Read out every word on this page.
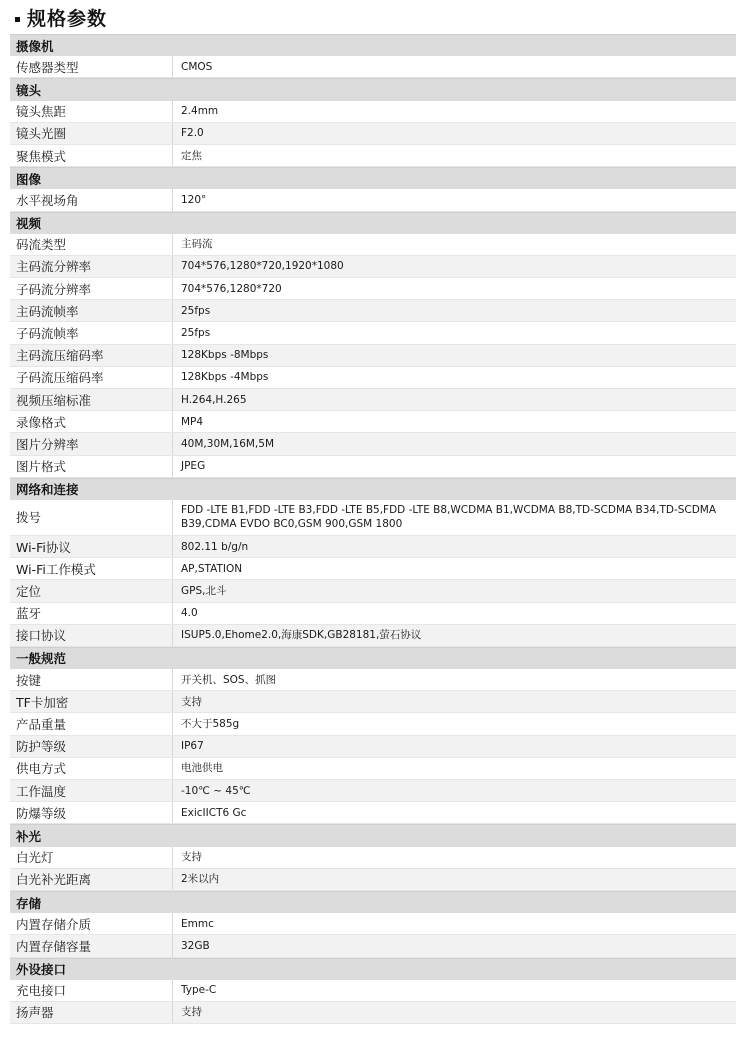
规格参数
摄像机
传感器类型	CMOS
镜头
镜头焦距	2.4mm
镜头光圈	F2.0
聚焦模式	定焦
图像
水平视场角	120°
视频
码流类型	主码流
主码流分辨率	704*576,1280*720,1920*1080
子码流分辨率	704*576,1280*720
主码流帧率	25fps
子码流帧率	25fps
主码流压缩码率	128Kbps -8Mbps
子码流压缩码率	128Kbps -4Mbps
视频压缩标准	H.264,H.265
录像格式	MP4
图片分辨率	40M,30M,16M,5M
图片格式	JPEG
网络和连接
拨号	FDD -LTE B1,FDD -LTE B3,FDD -LTE B5,FDD -LTE B8,WCDMA B1,WCDMA B8,TD-SCDMA B34,TD-SCDMA B39,CDMA EVDO BC0,GSM 900,GSM 1800
Wi-Fi协议	802.11 b/g/n
Wi-Fi工作模式	AP,STATION
定位	GPS,北斗
蓝牙	4.0
接口协议	ISUP5.0,Ehome2.0,海康SDK,GB28181,萤石协议
一般规范
按键	开关机、SOS、抓图
TF卡加密	支持
产品重量	不大于585g
防护等级	IP67
供电方式	电池供电
工作温度	-10℃ ~ 45℃
防爆等级	ExicIICT6 Gc
补光
白光灯	支持
白光补光距离	2米以内
存储
内置存储介质	Emmc
内置存储容量	32GB
外设接口
充电接口	Type-C
扬声器	支持
